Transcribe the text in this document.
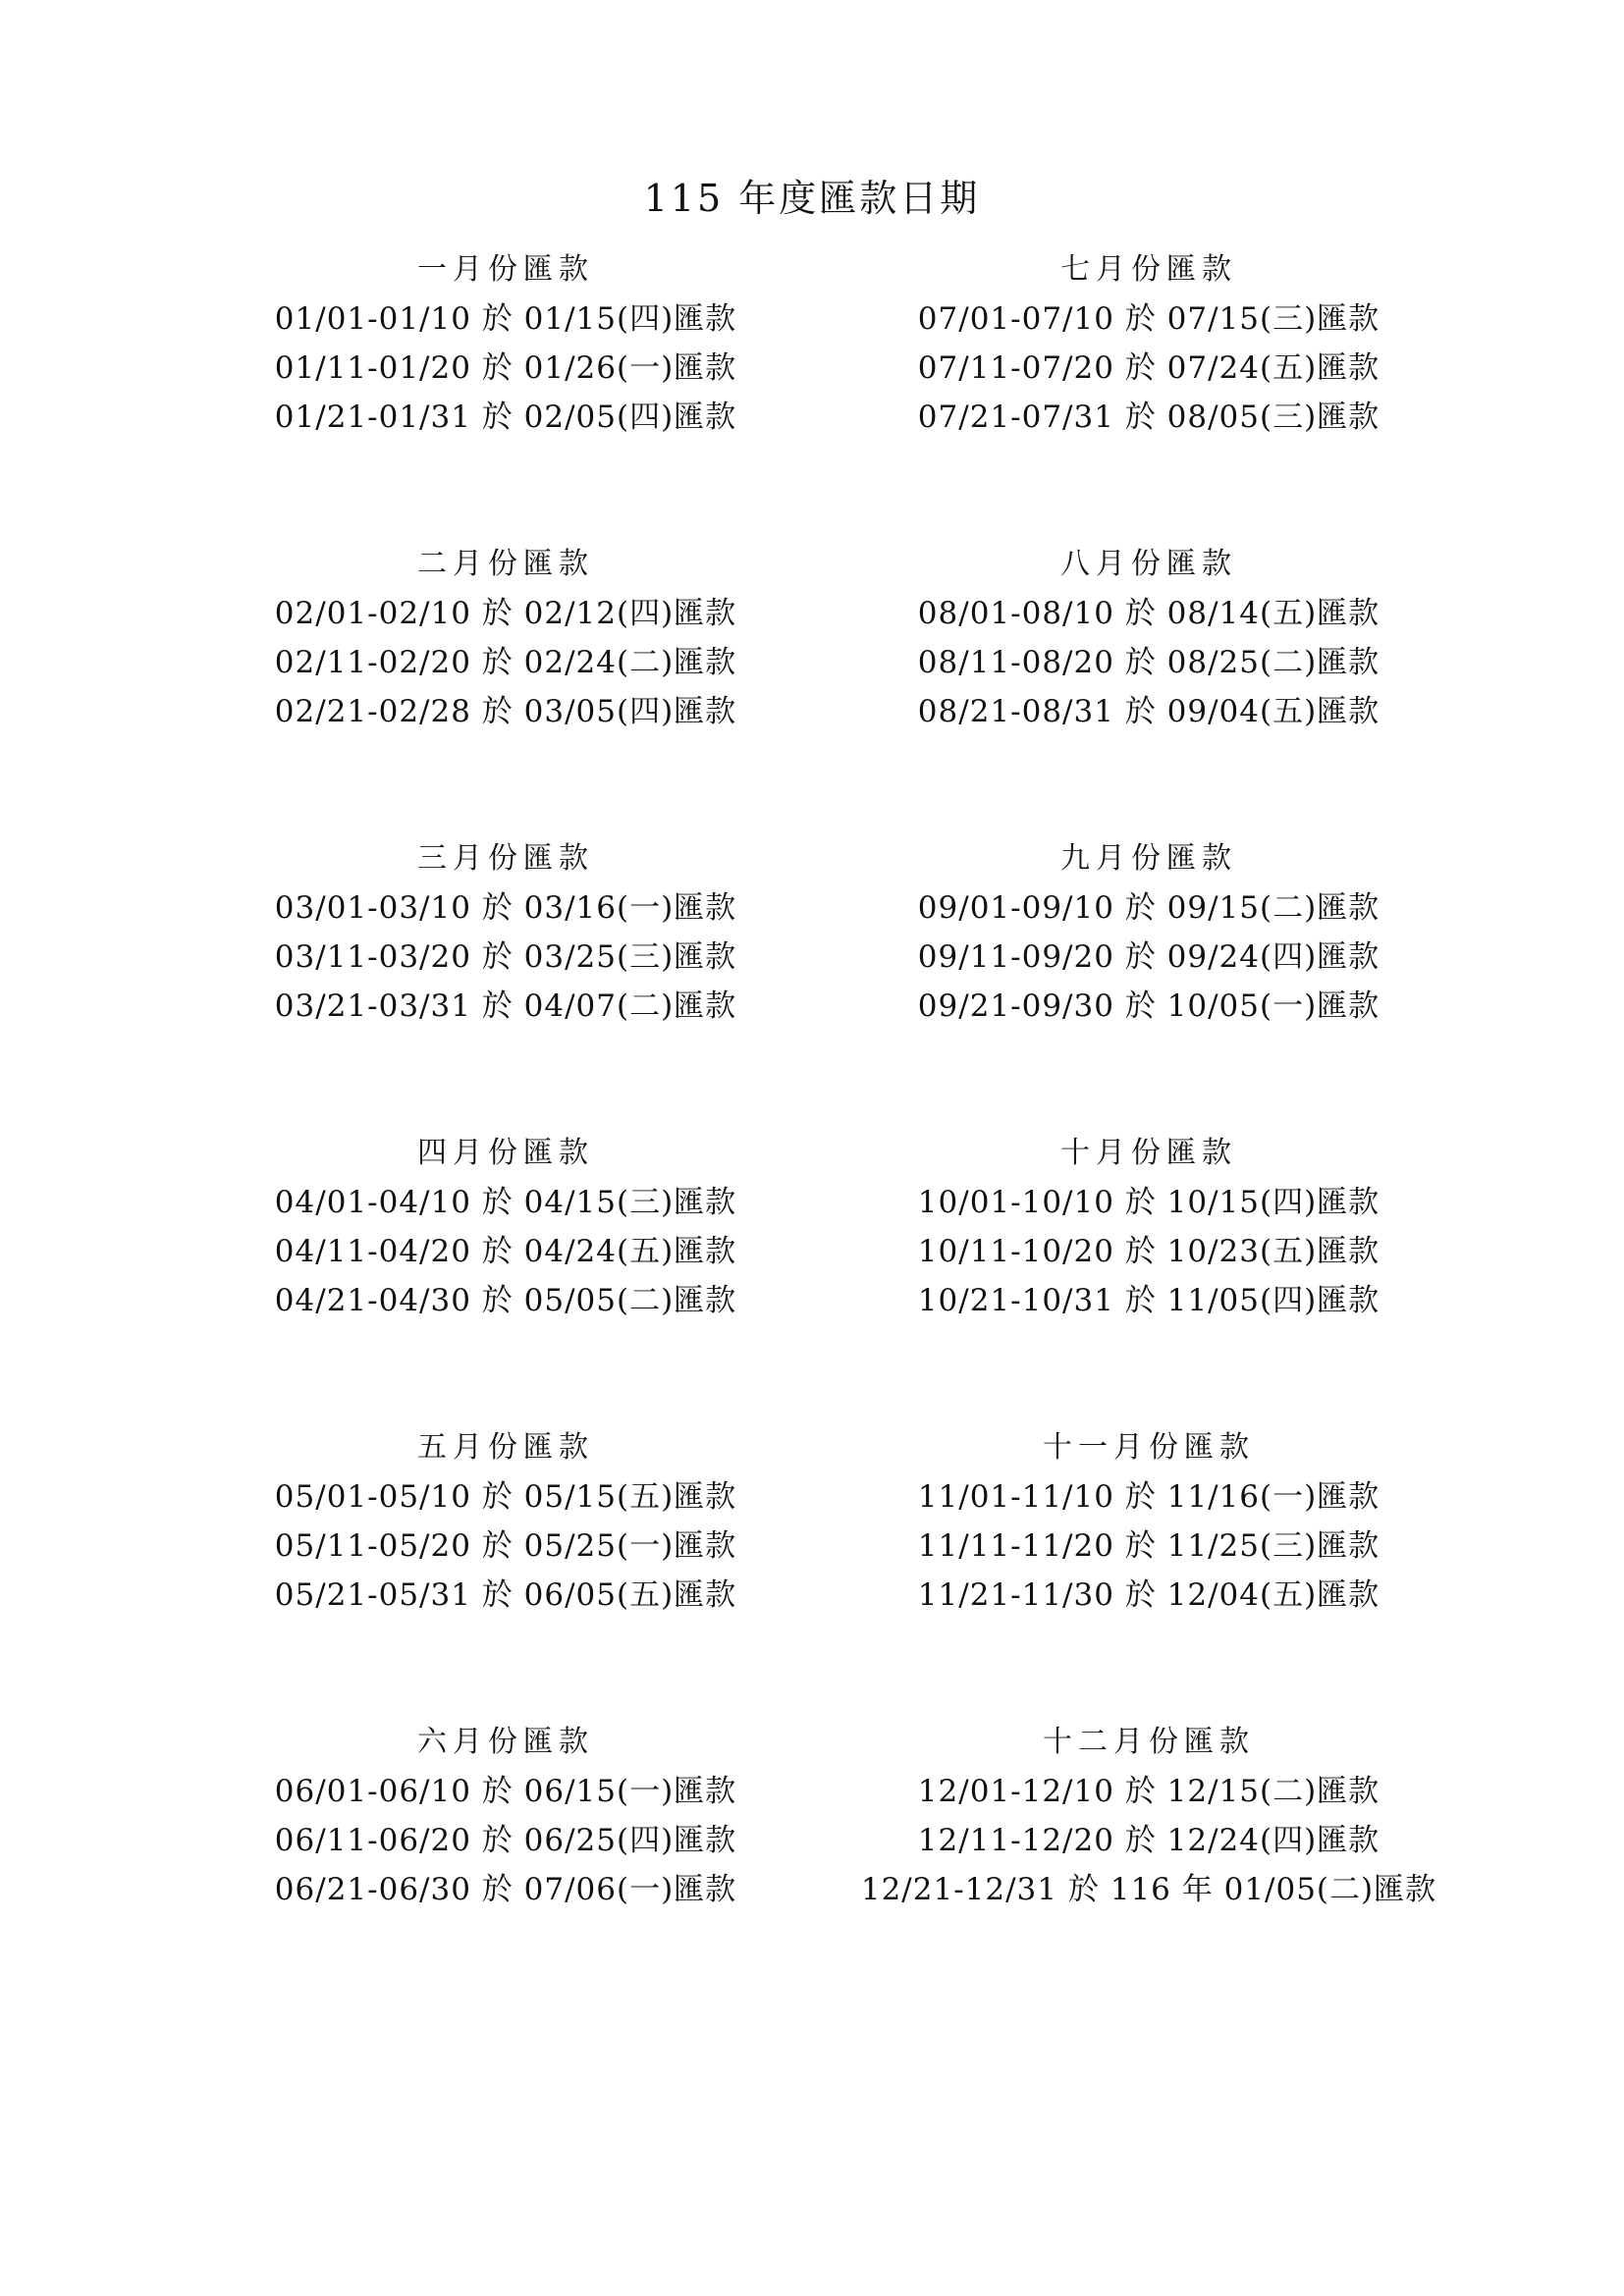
115 年度匯款日期
一月份匯款
01/01-01/10 於 01/15(四)匯款
01/11-01/20 於 01/26(一)匯款
01/21-01/31 於 02/05(四)匯款
二月份匯款
02/01-02/10 於 02/12(四)匯款
02/11-02/20 於 02/24(二)匯款
02/21-02/28 於 03/05(四)匯款
三月份匯款
03/01-03/10 於 03/16(一)匯款
03/11-03/20 於 03/25(三)匯款
03/21-03/31 於 04/07(二)匯款
四月份匯款
04/01-04/10 於 04/15(三)匯款
04/11-04/20 於 04/24(五)匯款
04/21-04/30 於 05/05(二)匯款
五月份匯款
05/01-05/10 於 05/15(五)匯款
05/11-05/20 於 05/25(一)匯款
05/21-05/31 於 06/05(五)匯款
六月份匯款
06/01-06/10 於 06/15(一)匯款
06/11-06/20 於 06/25(四)匯款
06/21-06/30 於 07/06(一)匯款
七月份匯款
07/01-07/10 於 07/15(三)匯款
07/11-07/20 於 07/24(五)匯款
07/21-07/31 於 08/05(三)匯款
八月份匯款
08/01-08/10 於 08/14(五)匯款
08/11-08/20 於 08/25(二)匯款
08/21-08/31 於 09/04(五)匯款
九月份匯款
09/01-09/10 於 09/15(二)匯款
09/11-09/20 於 09/24(四)匯款
09/21-09/30 於 10/05(一)匯款
十月份匯款
10/01-10/10 於 10/15(四)匯款
10/11-10/20 於 10/23(五)匯款
10/21-10/31 於 11/05(四)匯款
十一月份匯款
11/01-11/10 於 11/16(一)匯款
11/11-11/20 於 11/25(三)匯款
11/21-11/30 於 12/04(五)匯款
十二月份匯款
12/01-12/10 於 12/15(二)匯款
12/11-12/20 於 12/24(四)匯款
12/21-12/31 於 116 年 01/05(二)匯款
